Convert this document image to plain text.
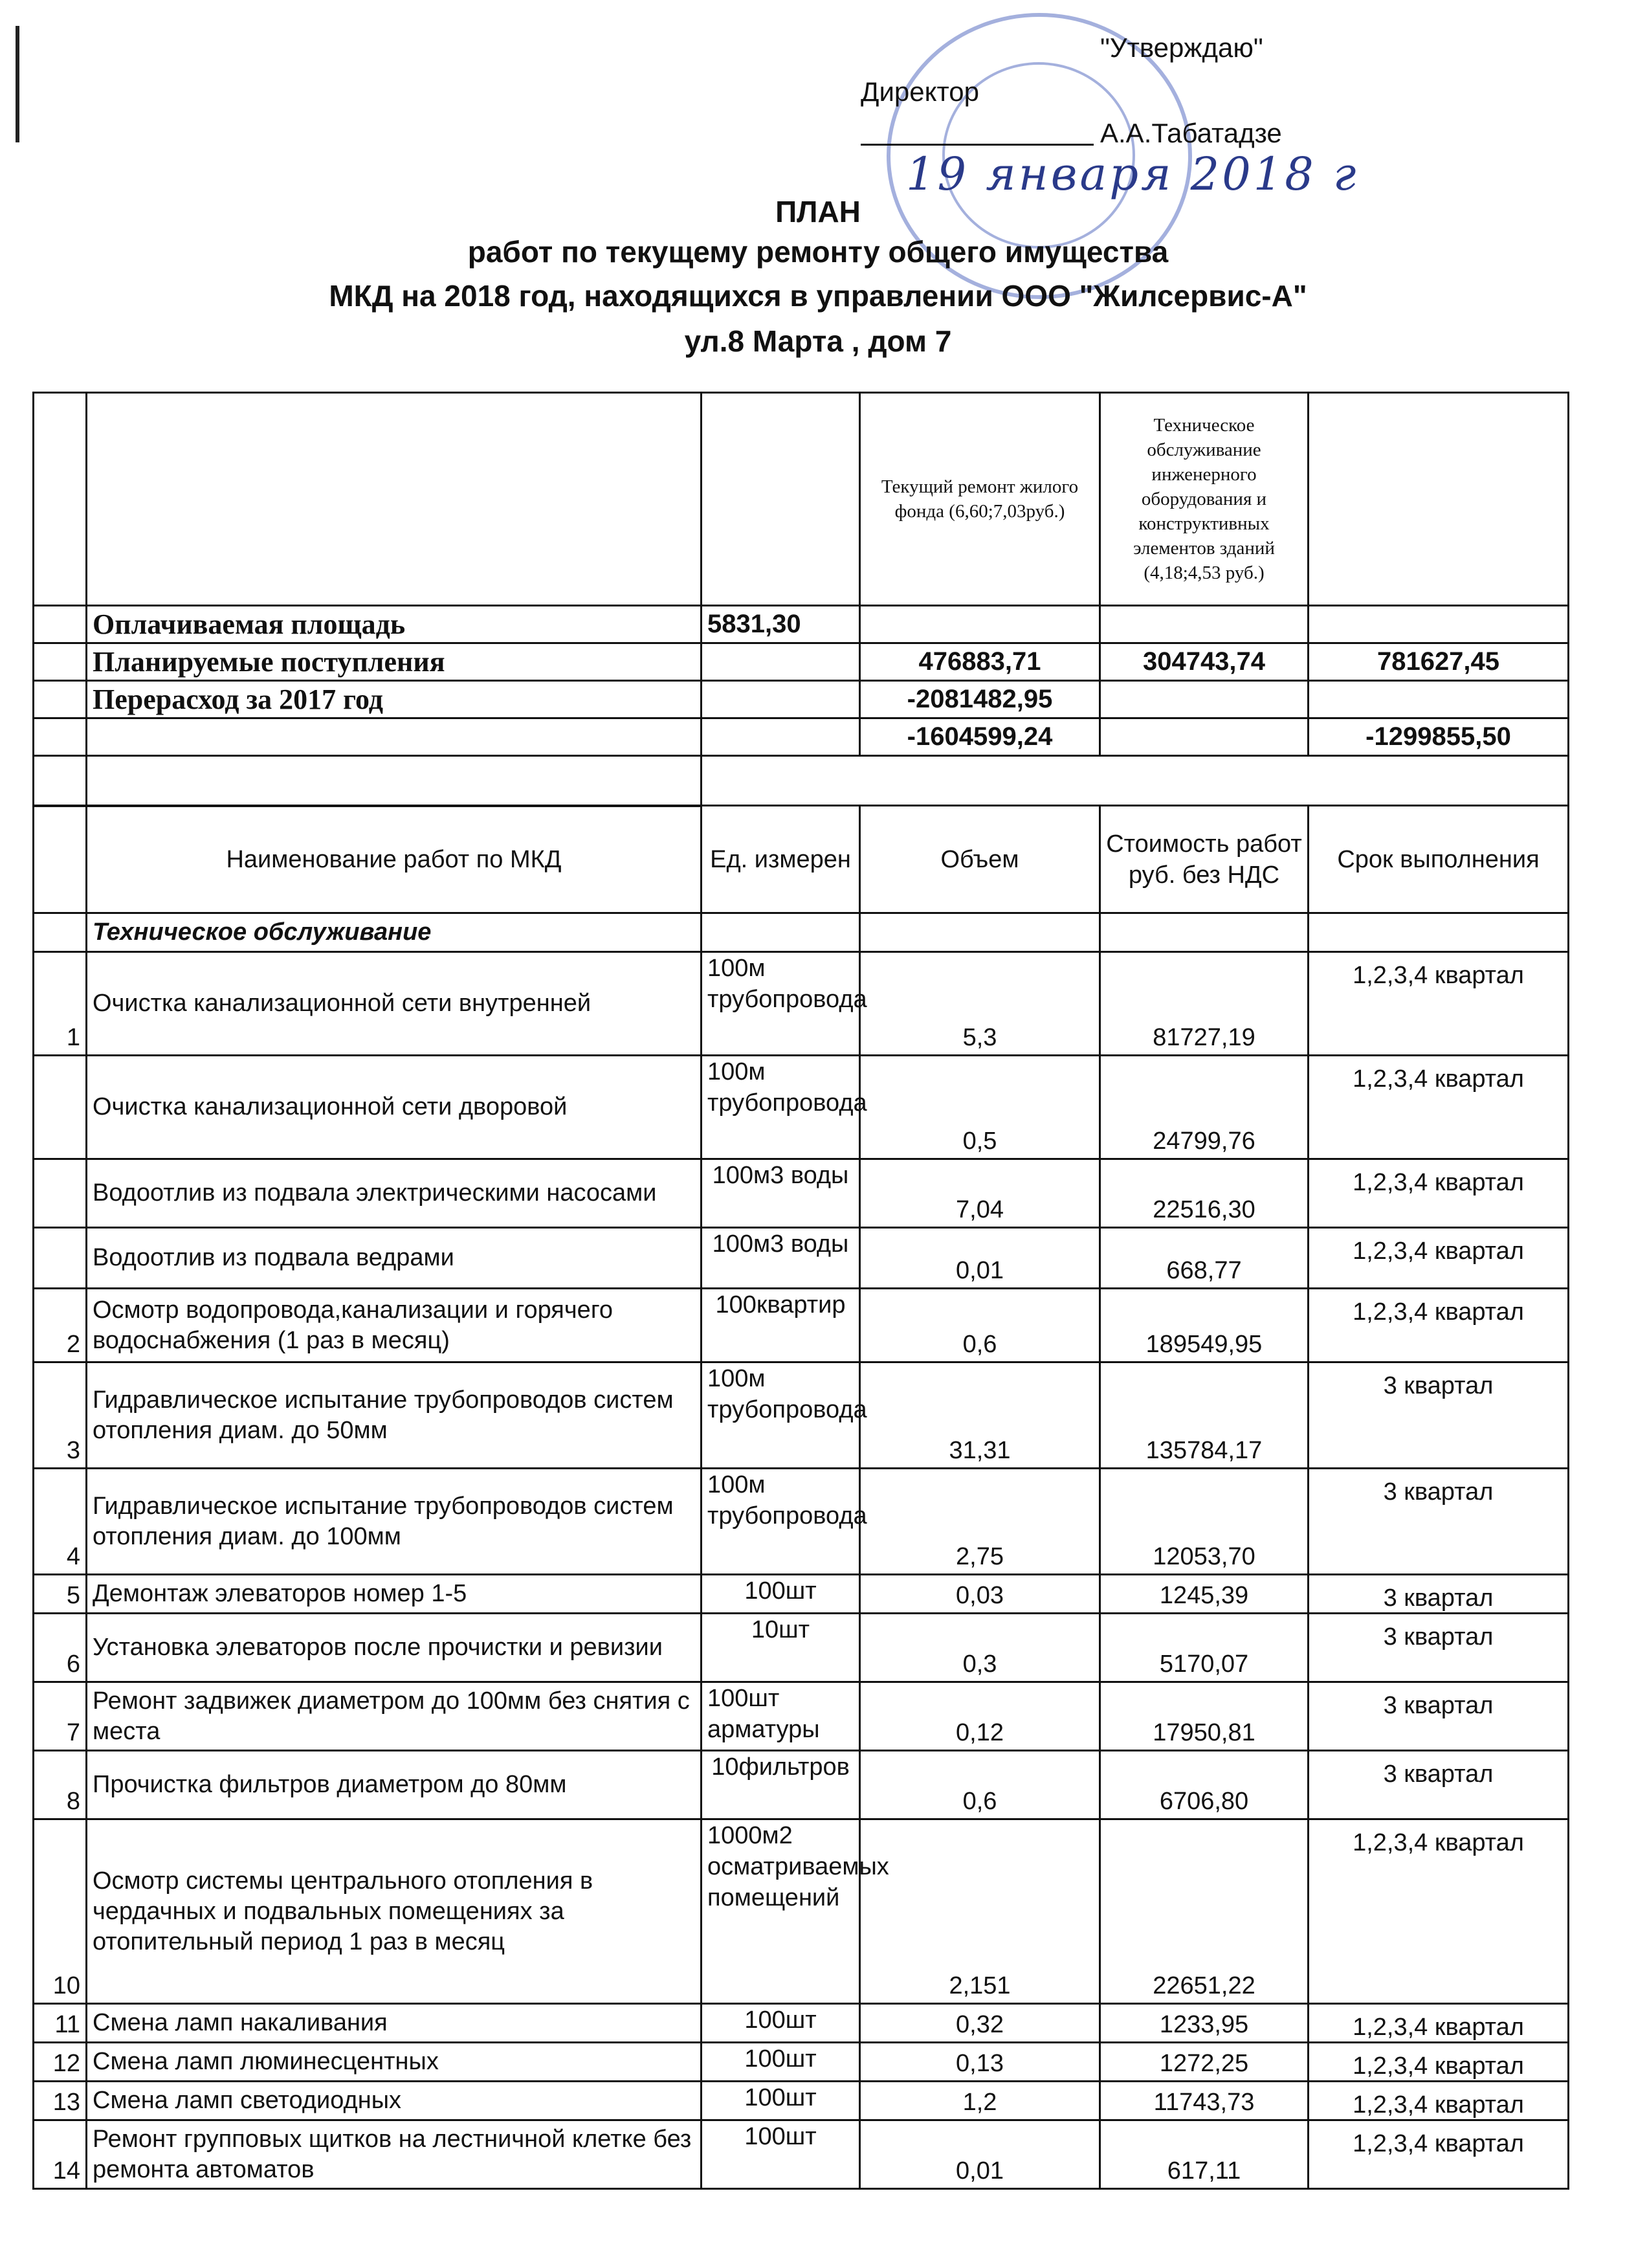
"Утверждаю"
Директор
А.А.Табатадзе
19 января 2018 г
ПЛАН
работ по текущему ремонту общего имущества
МКД на 2018 год, находящихся в управлении ООО "Жилсервис-А"
ул.8 Марта , дом 7
			Текущий ремонт жилого фонда (6,60;7,03руб.)	Техническое обслуживание инженерного оборудования и конструктивных элементов зданий (4,18;4,53 руб.)	
	Оплачиваемая площадь	5831,30			
	Планируемые поступления		476883,71	304743,74	781627,45
	Перерасход за 2017 год		-2081482,95		
			-1604599,24		-1299855,50

	Наименование работ по МКД	Ед. измерен	Объем	Стоимость работ руб. без НДС	Срок выполнения
	Техническое обслуживание				
1	Очистка канализационной сети внутренней	100м трубопровода	5,3	81727,19	1,2,3,4 квартал
	Очистка канализационной сети дворовой	100м трубопровода	0,5	24799,76	1,2,3,4 квартал
	Водоотлив из подвала электрическими насосами	100м3 воды	7,04	22516,30	1,2,3,4 квартал
	Водоотлив из подвала ведрами	100м3 воды	0,01	668,77	1,2,3,4 квартал
2	Осмотр водопровода,канализации и горячего водоснабжения (1 раз в месяц)	100квартир	0,6	189549,95	1,2,3,4 квартал
3	Гидравлическое испытание трубопроводов систем отопления диам. до 50мм	100м трубопровода	31,31	135784,17	3 квартал
4	Гидравлическое испытание трубопроводов систем отопления диам. до 100мм	100м трубопровода	2,75	12053,70	3 квартал
5	Демонтаж элеваторов номер 1-5	100шт	0,03	1245,39	3 квартал
6	Установка элеваторов после прочистки и ревизии	10шт	0,3	5170,07	3 квартал
7	Ремонт задвижек диаметром до 100мм без снятия с места	100шт арматуры	0,12	17950,81	3 квартал
8	Прочистка фильтров диаметром до 80мм	10фильтров	0,6	6706,80	3 квартал
10	Осмотр системы центрального отопления в чердачных и подвальных помещениях за отопительный период 1 раз в месяц	1000м2 осматриваемых помещений	2,151	22651,22	1,2,3,4 квартал
11	Смена ламп накаливания	100шт	0,32	1233,95	1,2,3,4 квартал
12	Смена ламп люминесцентных	100шт	0,13	1272,25	1,2,3,4 квартал
13	Смена ламп светодиодных	100шт	1,2	11743,73	1,2,3,4 квартал
14	Ремонт групповых щитков на лестничной клетке без ремонта автоматов	100шт	0,01	617,11	1,2,3,4 квартал
